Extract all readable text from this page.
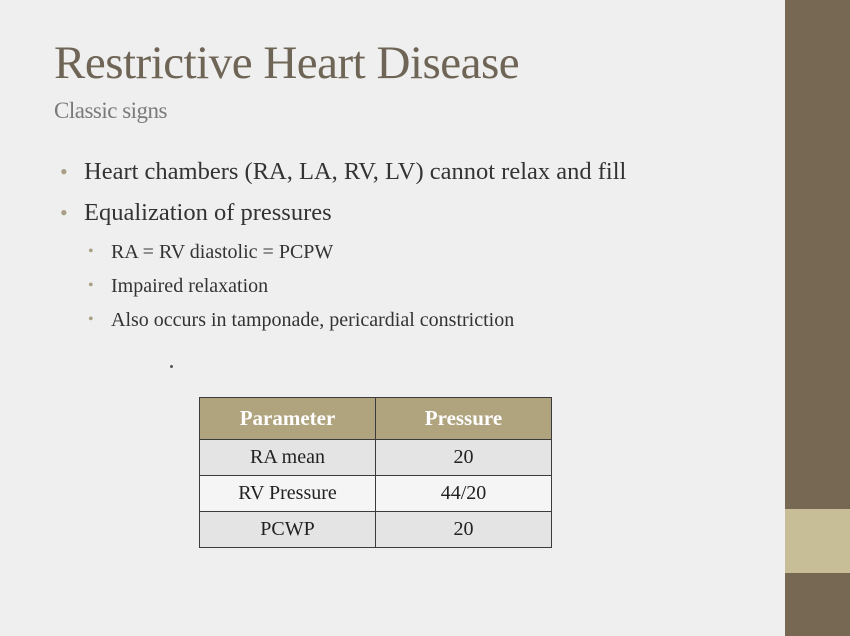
Restrictive Heart Disease
Classic signs
• Heart chambers (RA, LA, RV, LV) cannot relax and fill
• Equalization of pressures
• RA = RV diastolic = PCPW
• Impaired relaxation
• Also occurs in tamponade, pericardial constriction
Parameter	Pressure
RA mean	20
RV Pressure	44/20
PCWP	20
